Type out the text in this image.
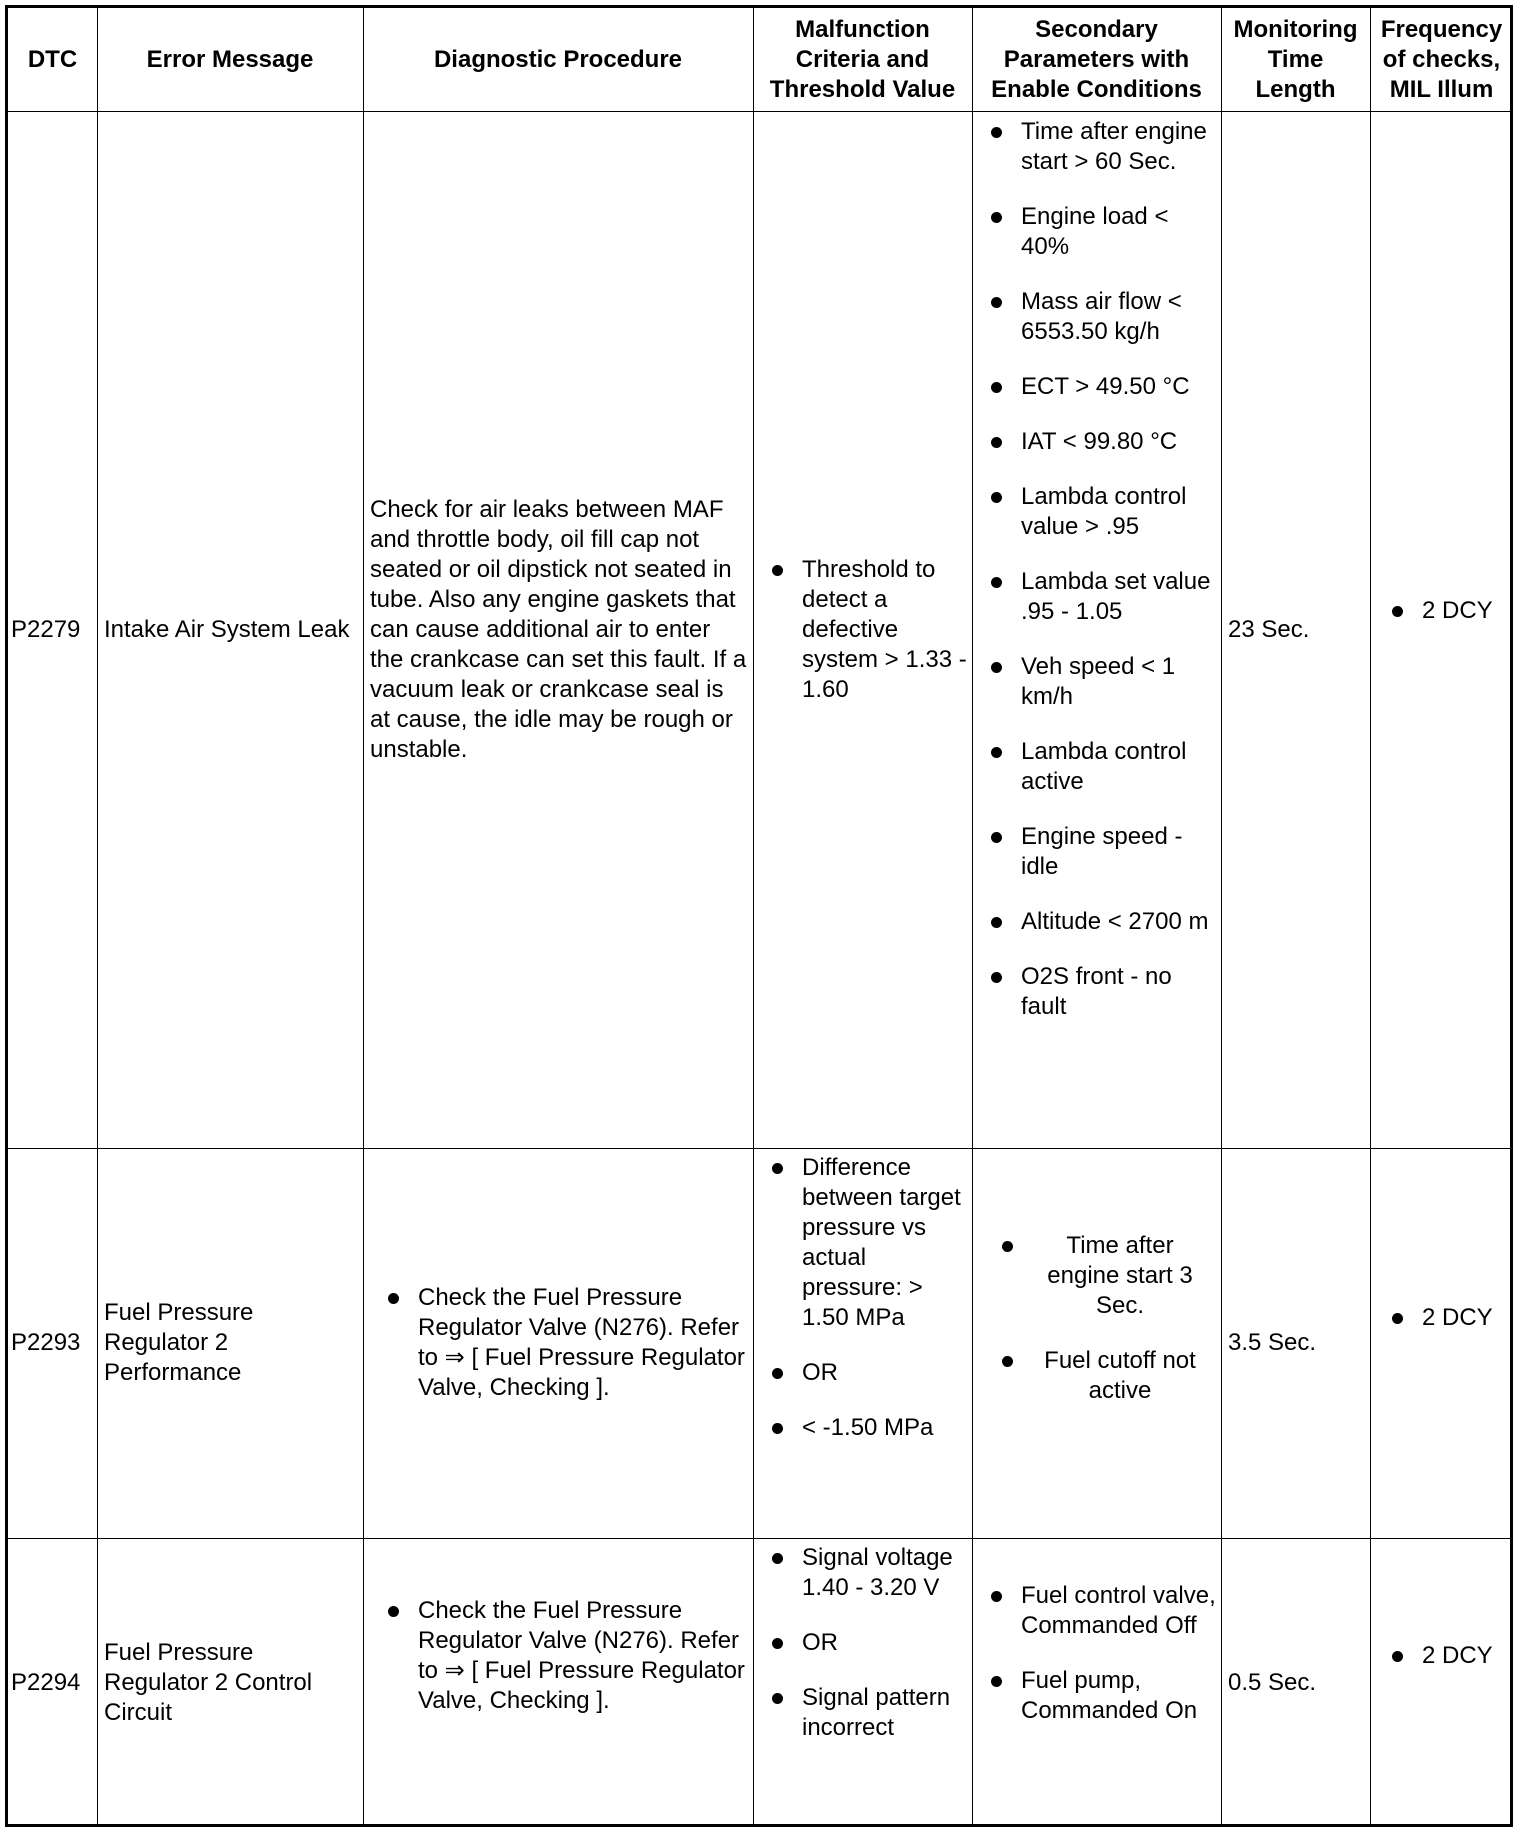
DTC	Error Message	Diagnostic Procedure
Malfunction
Criteria and
Threshold Value
Secondary
Parameters with
Enable Conditions
Monitoring
Time
Length
Frequency
of checks,
MIL Illum
P2279 Intake Air System Leak
Check for air leaks between MAF and throttle body, oil fill cap not seated or oil dipstick not seated in tube. Also any engine gaskets that can cause additional air to enter the crankcase can set this fault. If a vacuum leak or crankcase seal is at cause, the idle may be rough or unstable.
Threshold to detect a defective system > 1.33 - 1.60
Time after engine start > 60 Sec.
Engine load < 40%
Mass air flow < 6553.50 kg/h
ECT > 49.50 °C
IAT < 99.80 °C
Lambda control value > .95
Lambda set value .95 - 1.05
Veh speed < 1 km/h
Lambda control active
Engine speed - idle
Altitude < 2700 m
O2S front - no fault
23 Sec.
2 DCY
P2293
Fuel Pressure Regulator 2 Performance
Check the Fuel Pressure Regulator Valve (N276). Refer to ⇒ [ Fuel Pressure Regulator Valve, Checking ].
Difference between target pressure vs actual pressure: > 1.50 MPa
OR
< -1.50 MPa
Time after engine start 3 Sec.
Fuel cutoff not active
3.5 Sec.
2 DCY
P2294
Fuel Pressure Regulator 2 Control Circuit
Check the Fuel Pressure Regulator Valve (N276). Refer to ⇒ [ Fuel Pressure Regulator Valve, Checking ].
Signal voltage 1.40 - 3.20 V
OR
Signal pattern incorrect
Fuel control valve, Commanded Off
Fuel pump, Commanded On
0.5 Sec.
2 DCY
